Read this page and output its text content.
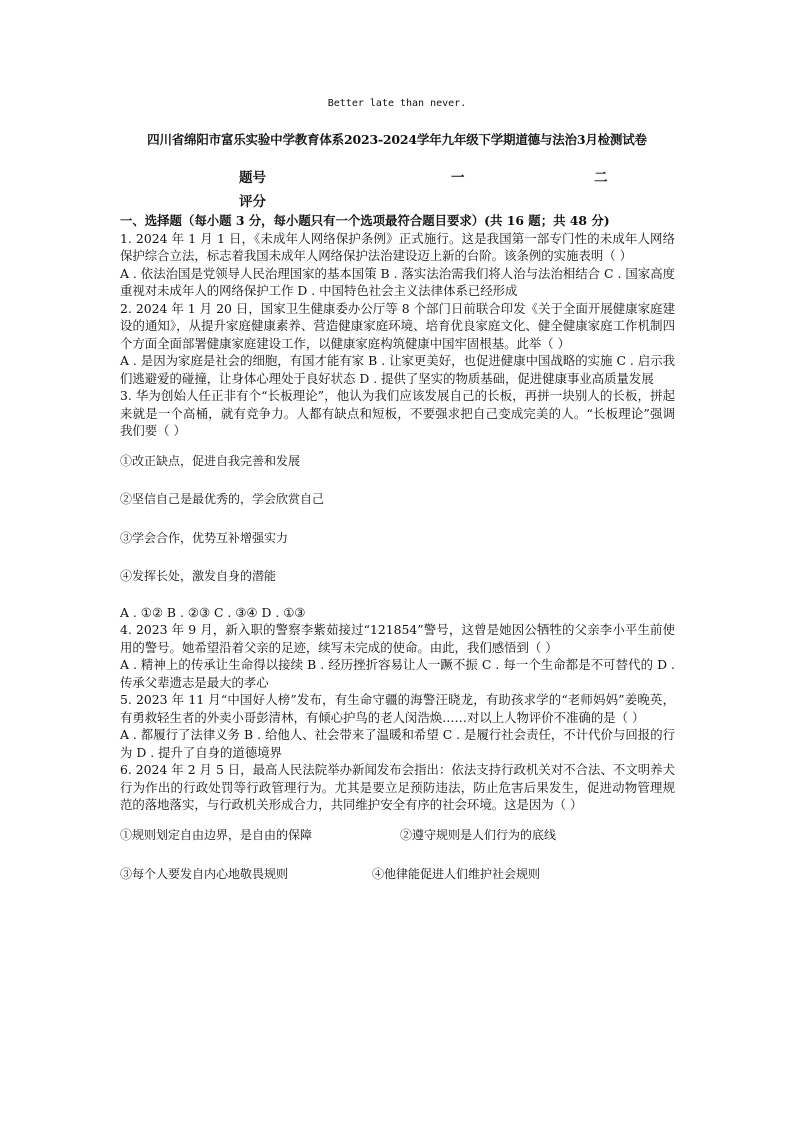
Better late than never.
四川省绵阳市富乐实验中学教育体系2023-2024学年九年级下学期道德与法治3月检测试卷
题号	一	二
评分

一、选择题（每小题 3 分，每小题只有一个选项最符合题目要求）(共 16 题；共 48 分)

1. 2024 年 1 月 1 日，《未成年人网络保护条例》正式施行。这是我国第一部专门性的未成年人网络保护综合立法，标志着我国未成年人网络保护法治建设迈上新的台阶。该条例的实施表明（ ）

A . 依法治国是党领导人民治理国家的基本国策 B . 落实法治需我们将人治与法治相结合 C . 国家高度重视对未成年人的网络保护工作 D . 中国特色社会主义法律体系已经形成

2. 2024 年 1 月 20 日，国家卫生健康委办公厅等 8 个部门日前联合印发《关于全面开展健康家庭建设的通知》，从提升家庭健康素养、营造健康家庭环境、培育优良家庭文化、健全健康家庭工作机制四个方面全面部署健康家庭建设工作，以健康家庭构筑健康中国牢固根基。此举（ ）

A . 是因为家庭是社会的细胞，有国才能有家 B . 让家更美好，也促进健康中国战略的实施 C . 启示我们逃避爱的碰撞，让身体心理处于良好状态 D . 提供了坚实的物质基础，促进健康事业高质量发展

3. 华为创始人任正非有个“长板理论”，他认为我们应该发展自己的长板，再拼一块别人的长板，拼起来就是一个高桶，就有竞争力。人都有缺点和短板，不要强求把自己变成完美的人。“长板理论”强调我们要（ ）

①改正缺点，促进自我完善和发展

②坚信自己是最优秀的，学会欣赏自己

③学会合作，优势互补增强实力

④发挥长处，激发自身的潜能

A . ①② B . ②③ C . ③④ D . ①③

4. 2023 年 9 月，新入职的警察李紫茹接过“121854”警号，这曾是她因公牺牲的父亲李小平生前使用的警号。她希望沿着父亲的足迹，续写未完成的使命。由此，我们感悟到（ ）

A . 精神上的传承让生命得以接续 B . 经历挫折容易让人一蹶不振 C . 每一个生命都是不可替代的 D . 传承父辈遗志是最大的孝心

5. 2023 年 11 月“中国好人榜”发布，有生命守疆的海警汪晓龙，有助孩求学的“老师妈妈”姜晚英，有勇救轻生者的外卖小哥彭清林，有倾心护鸟的老人闵浩焕……对以上人物评价不准确的是（ ）

A . 都履行了法律义务 B . 给他人、社会带来了温暖和希望 C . 是履行社会责任，不计代价与回报的行为 D . 提升了自身的道德境界

6. 2024 年 2 月 5 日，最高人民法院举办新闻发布会指出：依法支持行政机关对不合法、不文明养犬行为作出的行政处罚等行政管理行为。尤其是要立足预防违法，防止危害后果发生，促进动物管理规范的落地落实，与行政机关形成合力，共同维护安全有序的社会环境。这是因为（ ）

①规则划定自由边界，是自由的保障	②遵守规则是人们行为的底线

③每个人要发自内心地敬畏规则	④他律能促进人们维护社会规则
